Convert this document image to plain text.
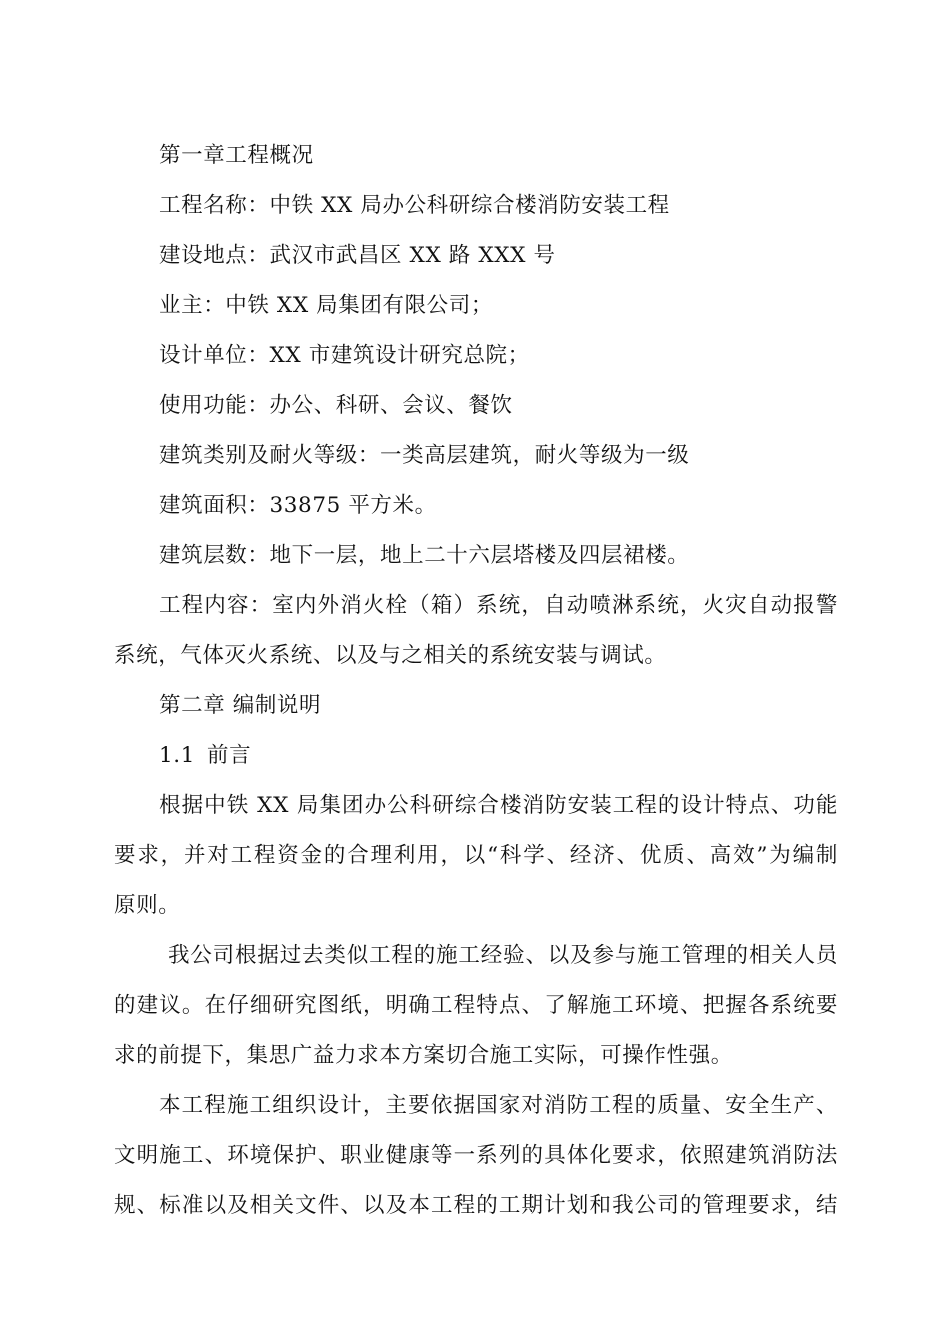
第一章工程概况
工程名称：中铁 XX 局办公科研综合楼消防安装工程
建设地点：武汉市武昌区 XX 路 XXX 号
业主：中铁 XX 局集团有限公司；
设计单位：XX 市建筑设计研究总院；
使用功能：办公、科研、会议、餐饮
建筑类别及耐火等级：一类高层建筑，耐火等级为一级
建筑面积：33875 平方米。
建筑层数：地下一层，地上二十六层塔楼及四层裙楼。
工程内容：室内外消火栓（箱）系统，自动喷淋系统，火灾自动报警
系统，气体灭火系统、以及与之相关的系统安装与调试。
第二章 编制说明
1.1 前言
根据中铁 XX 局集团办公科研综合楼消防安装工程的设计特点、功能
要求，并对工程资金的合理利用，以“科学、经济、优质、高效”为编制
原则。
我公司根据过去类似工程的施工经验、以及参与施工管理的相关人员
的建议。在仔细研究图纸，明确工程特点、了解施工环境、把握各系统要
求的前提下，集思广益力求本方案切合施工实际，可操作性强。
本工程施工组织设计，主要依据国家对消防工程的质量、安全生产、
文明施工、环境保护、职业健康等一系列的具体化要求，依照建筑消防法
规、标准以及相关文件、以及本工程的工期计划和我公司的管理要求，结
